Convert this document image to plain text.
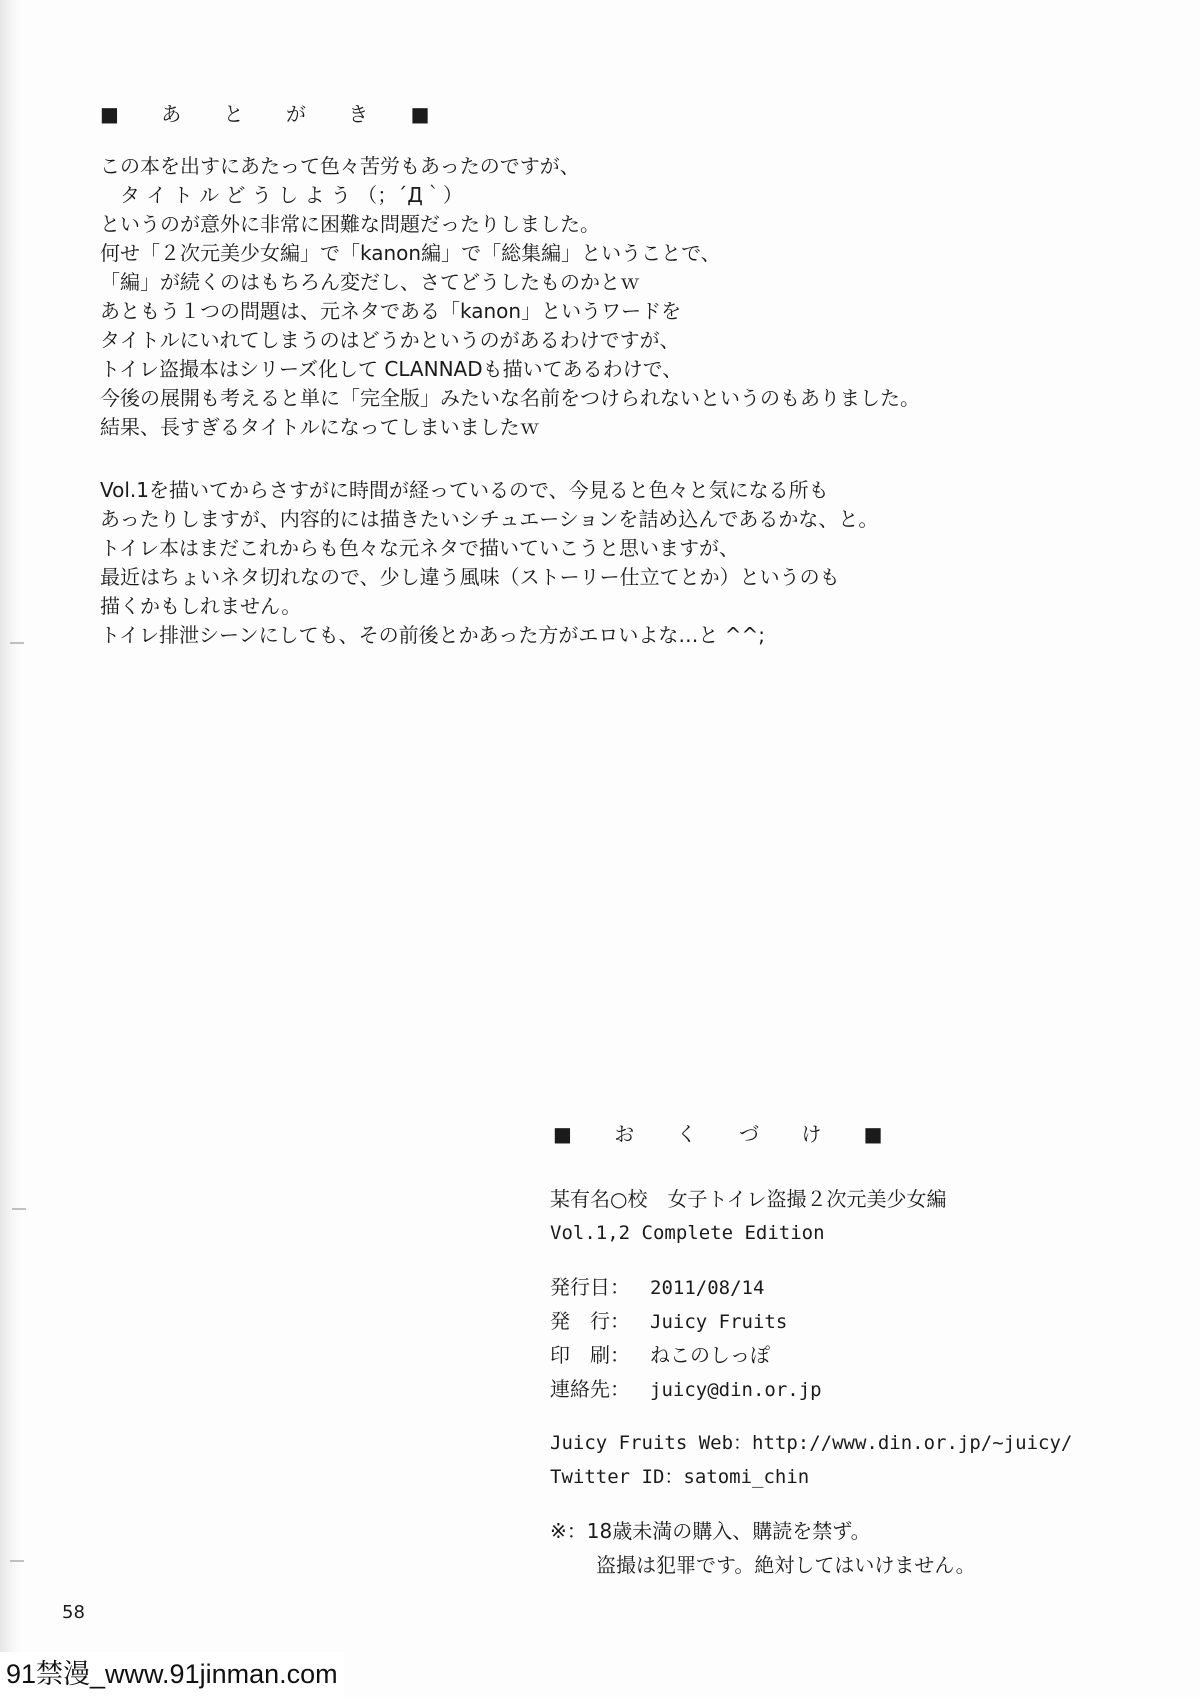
■ あ と が き ■
この本を出すにあたって色々苦労もあったのですが、
　タ イ ト ル ど う し よ う （；´Д｀）
というのが意外に非常に困難な問題だったりしました。
何せ「２次元美少女編」で「kanon編」で「総集編」ということで、
「編」が続くのはもちろん変だし、さてどうしたものかとｗ
あともう１つの問題は、元ネタである「kanon」というワードを
タイトルにいれてしまうのはどうかというのがあるわけですが、
トイレ盗撮本はシリーズ化して CLANNADも描いてあるわけで、
今後の展開も考えると単に「完全版」みたいな名前をつけられないというのもありました。
結果、長すぎるタイトルになってしまいましたｗ
Vol.1を描いてからさすがに時間が経っているので、今見ると色々と気になる所も
あったりしますが、内容的には描きたいシチュエーションを詰め込んであるかな、と。
トイレ本はまだこれからも色々な元ネタで描いていこうと思いますが、
最近はちょいネタ切れなので、少し違う風味（ストーリー仕立てとか）というのも
描くかもしれません。
トイレ排泄シーンにしても、その前後とかあった方がエロいよな…と ^^;
■ お く づ け ■
某有名○校　女子トイレ盗撮２次元美少女編
Vol.1,2 Complete Edition
発行日： 2011/08/14
発　行： Juicy Fruits
印　刷： ねこのしっぽ
連絡先： juicy@din.or.jp
Juicy Fruits Web：http://www.din.or.jp/~juicy/
Twitter ID：satomi_chin
※：18歳未満の購入、購読を禁ず。
盗撮は犯罪です。絶対してはいけません。
58
91禁漫_www.91jinman.com
